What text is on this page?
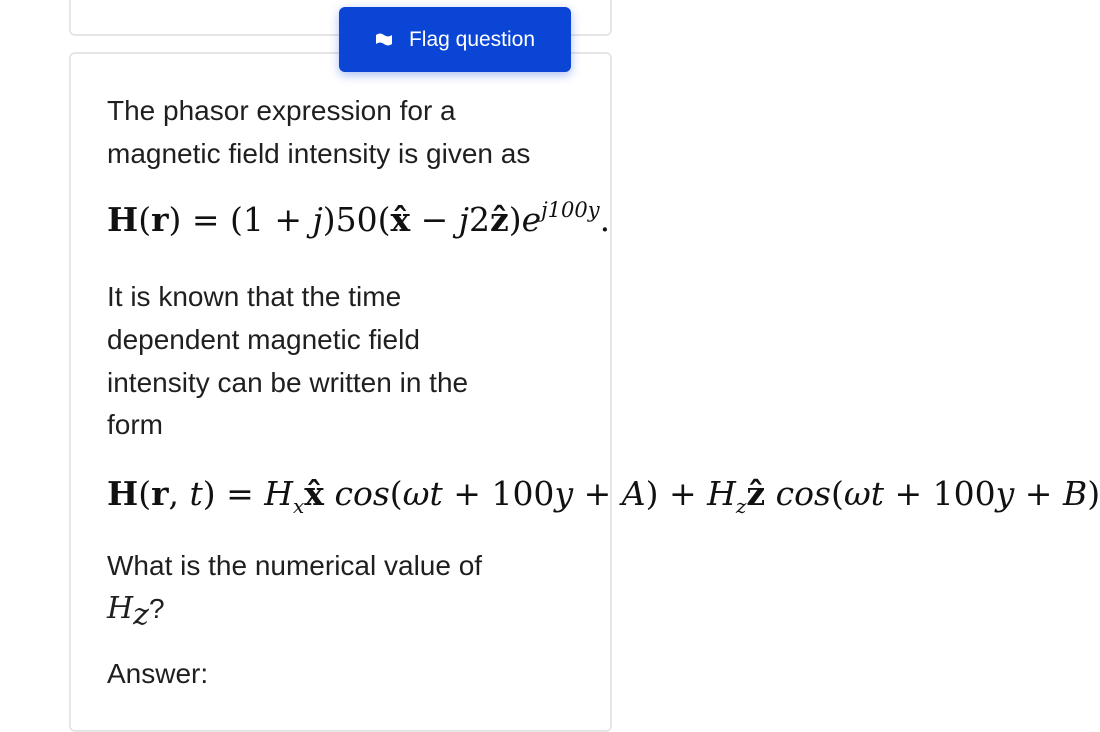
Flag question
The phasor expression for a
magnetic field intensity is given as
H(r) = (1 + j)50(x̂ − $j2ẑ)e^{j100y}$.
It is known that the time
dependent magnetic field
intensity can be written in the
form
H(r, $t) = H_xx̂$ $\cos(\omega t + 100y + A) + H_zẑ$ cos(ωt + 100y + B)
What is the numerical value of
$H_z$?
Answer:
